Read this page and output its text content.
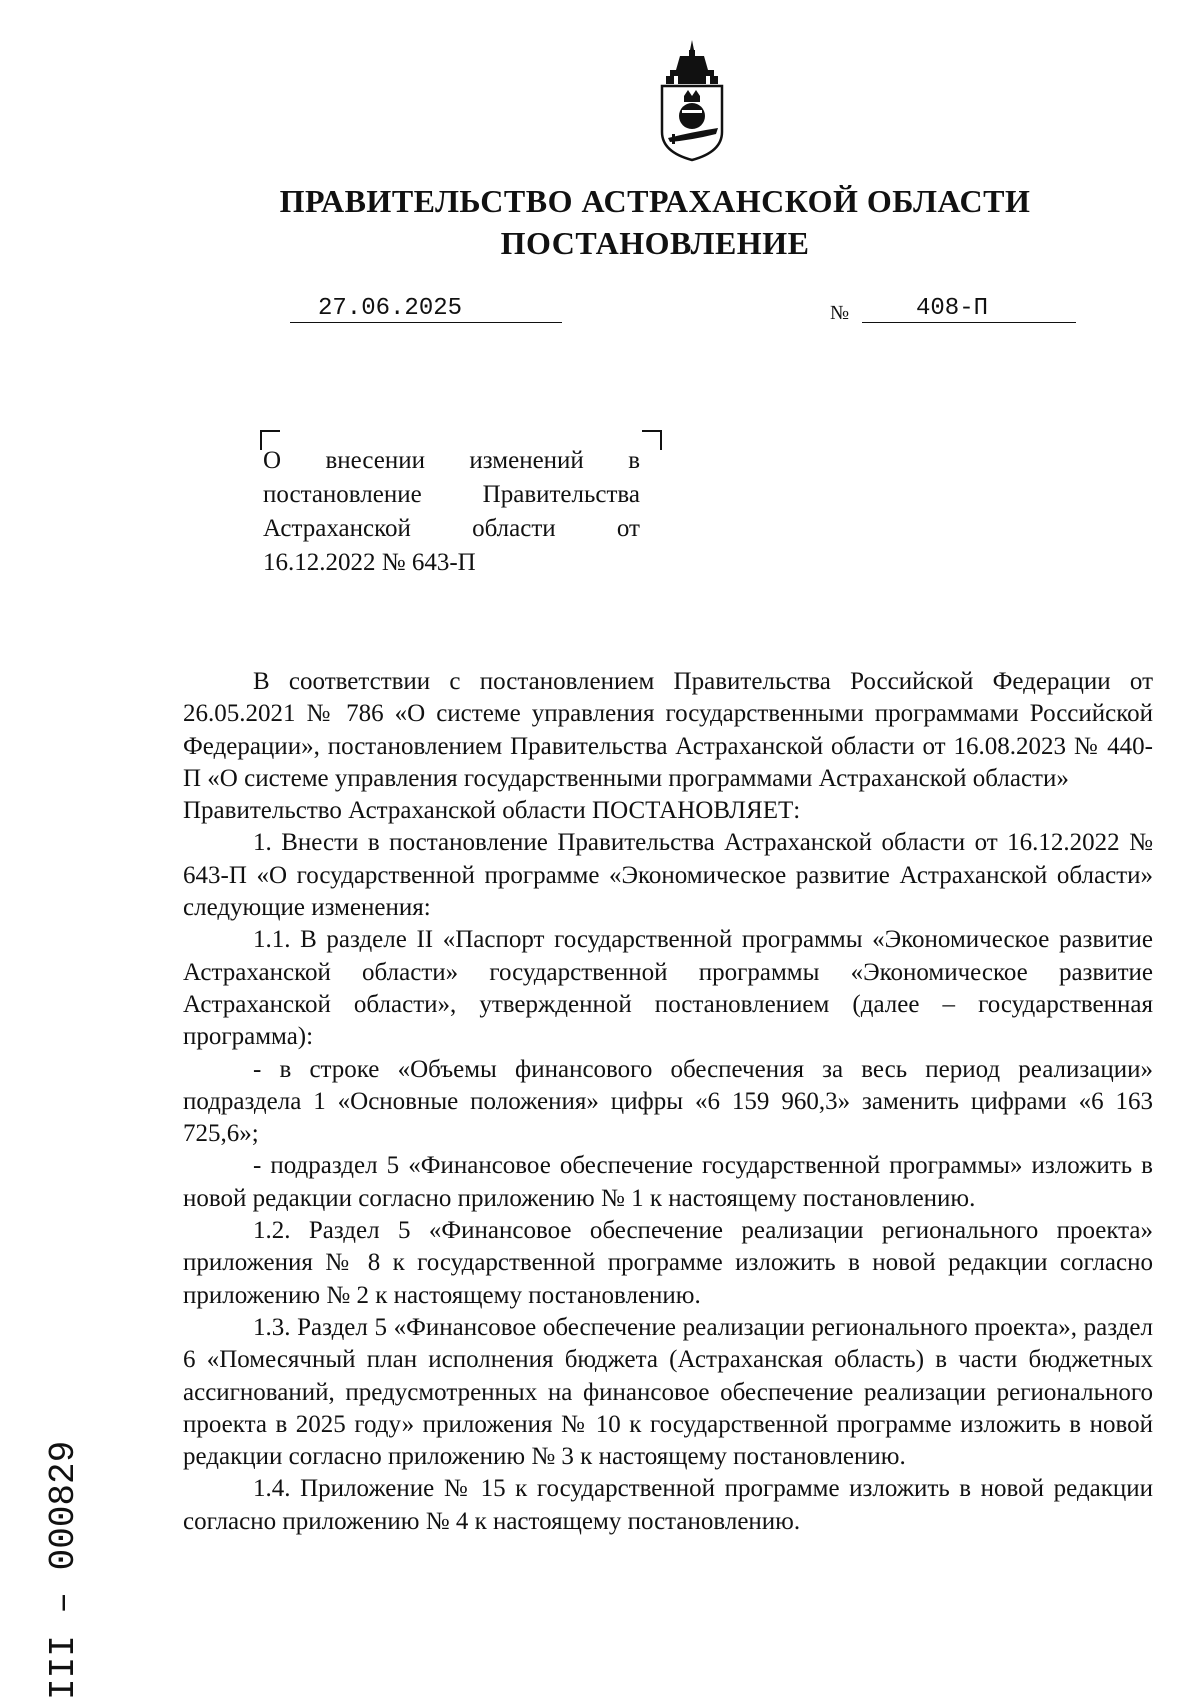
ПРАВИТЕЛЬСТВО АСТРАХАНСКОЙ ОБЛАСТИ
ПОСТАНОВЛЕНИЕ
27.06.2025	№	408-П
О внесении изменений в постановление Правительства Астраханской области от 16.12.2022 № 643-П

В соответствии с постановлением Правительства Российской Федерации от 26.05.2021 № 786 «О системе управления государственными программами Российской Федерации», постановлением Правительства Астраханской области от 16.08.2023 № 440-П «О системе управления государственными программами Астраханской области»

Правительство Астраханской области ПОСТАНОВЛЯЕТ:

1. Внести в постановление Правительства Астраханской области от 16.12.2022 № 643-П «О государственной программе «Экономическое развитие Астраханской области» следующие изменения:

1.1. В разделе II «Паспорт государственной программы «Экономическое развитие Астраханской области» государственной программы «Экономическое развитие Астраханской области», утвержденной постановлением (далее – государственная программа):

- в строке «Объемы финансового обеспечения за весь период реализации» подраздела 1 «Основные положения» цифры «6 159 960,3» заменить цифрами «6 163 725,6»;

- подраздел 5 «Финансовое обеспечение государственной программы» изложить в новой редакции согласно приложению № 1 к настоящему постановлению.

1.2. Раздел 5 «Финансовое обеспечение реализации регионального проекта» приложения № 8 к государственной программе изложить в новой редакции согласно приложению № 2 к настоящему постановлению.

1.3. Раздел 5 «Финансовое обеспечение реализации регионального проекта», раздел 6 «Помесячный план исполнения бюджета (Астраханская область) в части бюджетных ассигнований, предусмотренных на финансовое обеспечение реализации регионального проекта в 2025 году» приложения № 10 к государственной программе изложить в новой редакции согласно приложению № 3 к настоящему постановлению.

1.4. Приложение № 15 к государственной программе изложить в новой редакции согласно приложению № 4 к настоящему постановлению.

III – 000829
